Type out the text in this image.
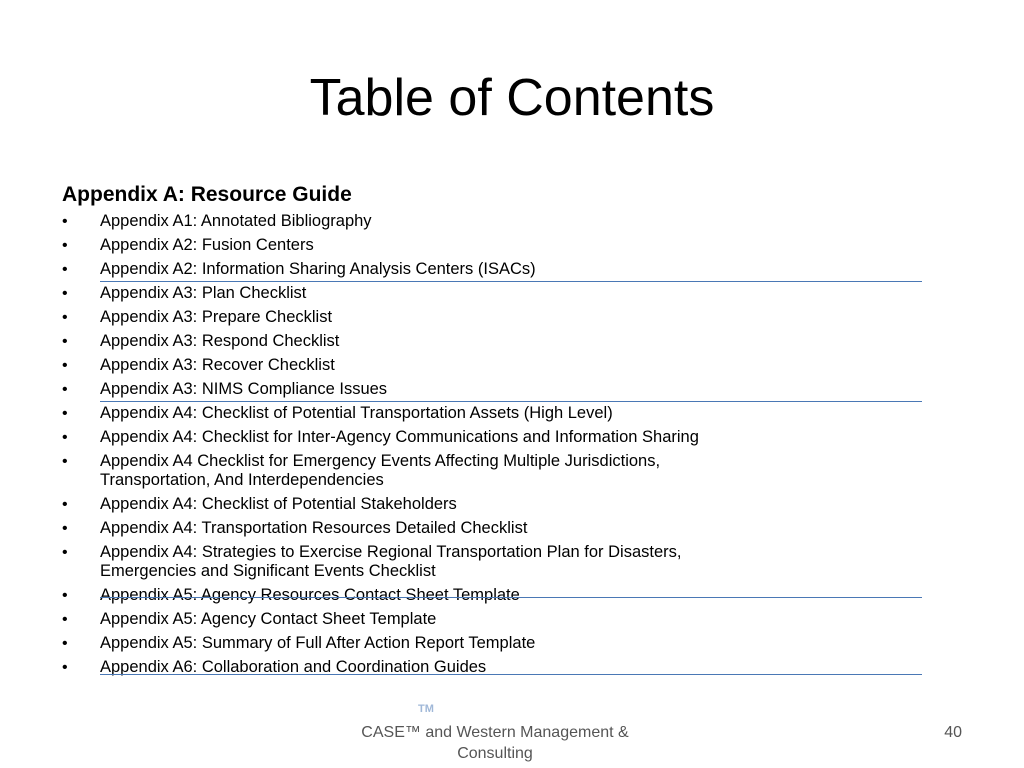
Table of Contents
Appendix A: Resource Guide
•	Appendix A1: Annotated Bibliography
•	Appendix A2: Fusion Centers
•	Appendix A2: Information Sharing Analysis Centers (ISACs)
•	Appendix A3: Plan Checklist
•	Appendix A3: Prepare Checklist
•	Appendix A3: Respond Checklist
•	Appendix A3: Recover Checklist
•	Appendix A3: NIMS Compliance Issues
•	Appendix A4: Checklist of Potential Transportation Assets (High Level)
•	Appendix A4: Checklist for Inter-Agency Communications and Information Sharing
•	Appendix A4 Checklist for Emergency Events Affecting Multiple Jurisdictions, Transportation, And Interdependencies
•	Appendix A4: Checklist of Potential Stakeholders
•	Appendix A4: Transportation Resources Detailed Checklist
•	Appendix A4: Strategies to Exercise Regional Transportation Plan for Disasters, Emergencies and Significant Events Checklist
•	Appendix A5: Agency Resources Contact Sheet Template
•	Appendix A5: Agency Contact Sheet Template
•	Appendix A5: Summary of Full After Action Report Template
•	Appendix A6: Collaboration and Coordination Guides
TM
CASE™ and Western Management & Consulting
40
